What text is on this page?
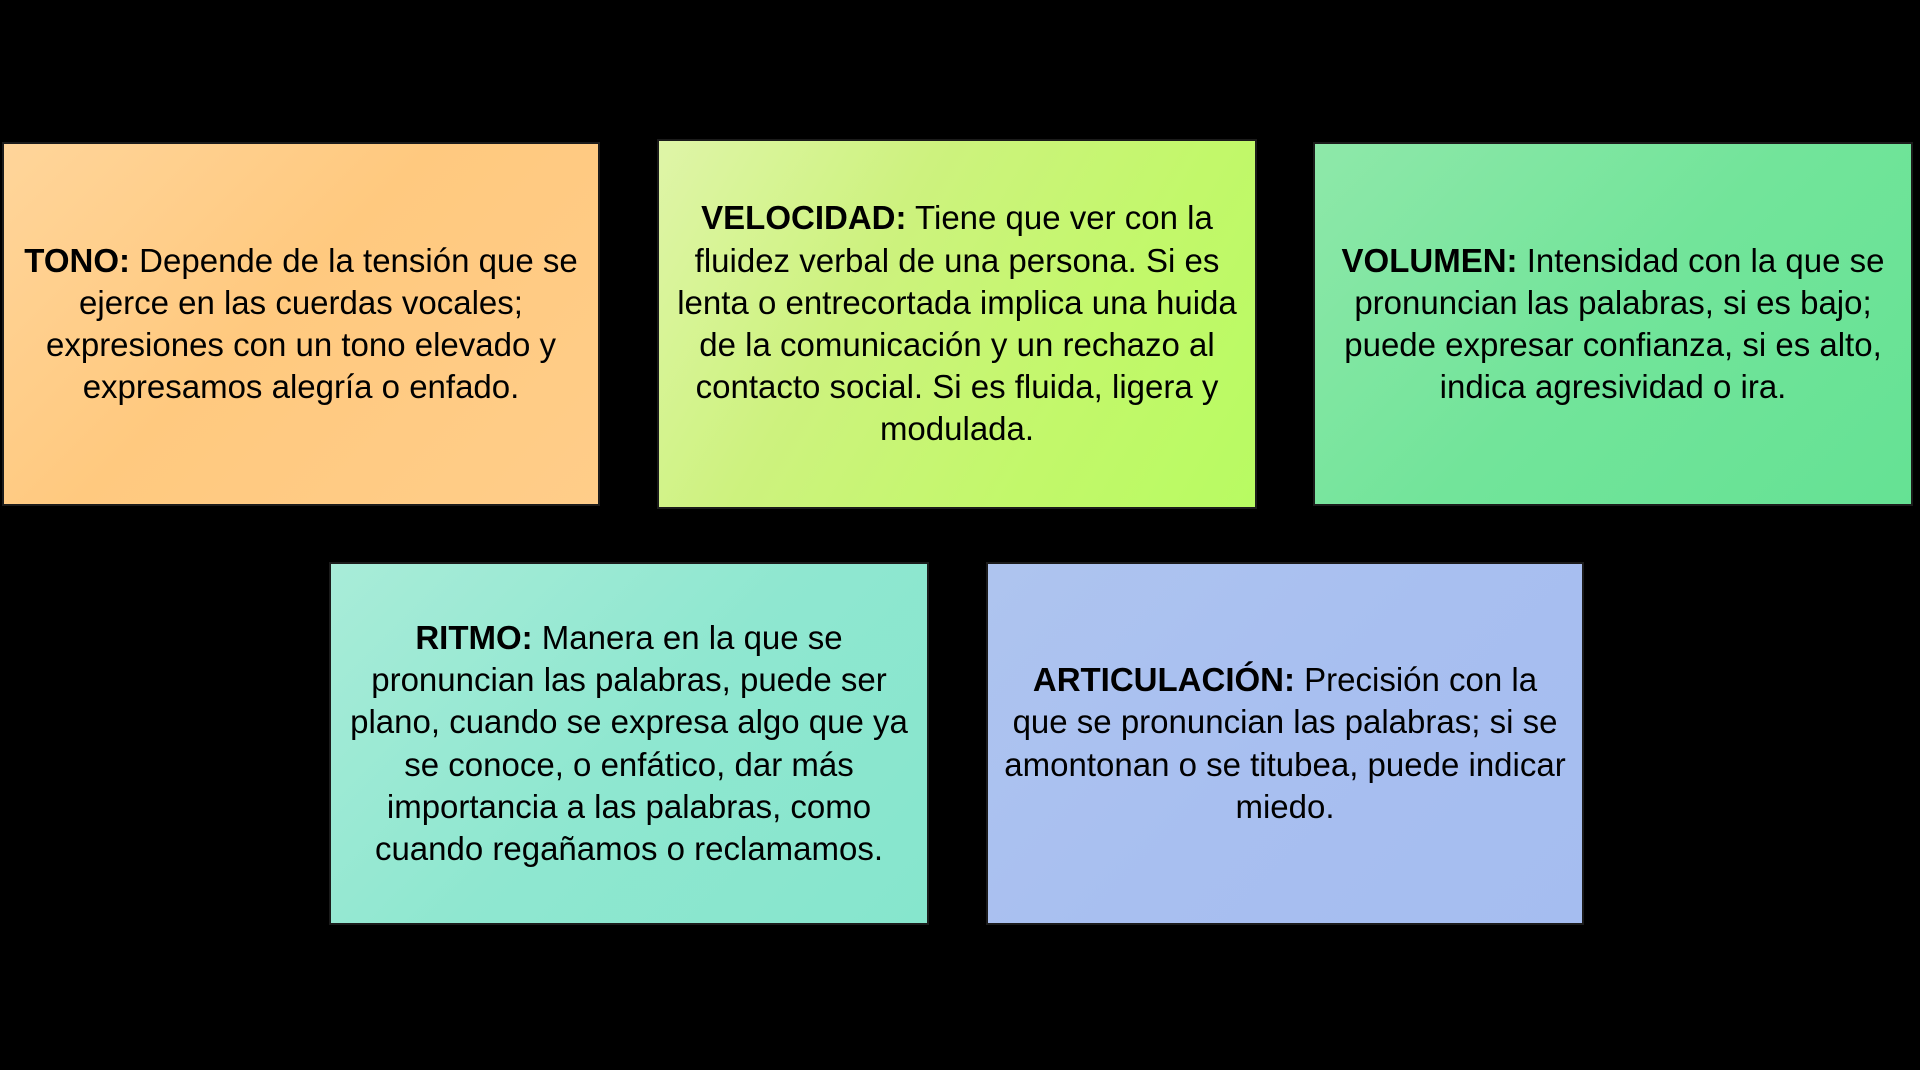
TONO: Depende de la tensión que se ejerce en las cuerdas vocales; expresiones con un tono elevado y expresamos alegría o enfado.

VELOCIDAD: Tiene que ver con la fluidez verbal de una persona. Si es lenta o entrecortada implica una huida de la comunicación y un rechazo al contacto social. Si es fluida, ligera y modulada.

VOLUMEN: Intensidad con la que se pronuncian las palabras, si es bajo; puede expresar confianza, si es alto, indica agresividad o ira.

RITMO: Manera en la que se pronuncian las palabras, puede ser plano, cuando se expresa algo que ya se conoce, o enfático, dar más importancia a las palabras, como cuando regañamos o reclamamos.

ARTICULACIÓN: Precisión con la que se pronuncian las palabras; si se amontonan o se titubea, puede indicar miedo.
